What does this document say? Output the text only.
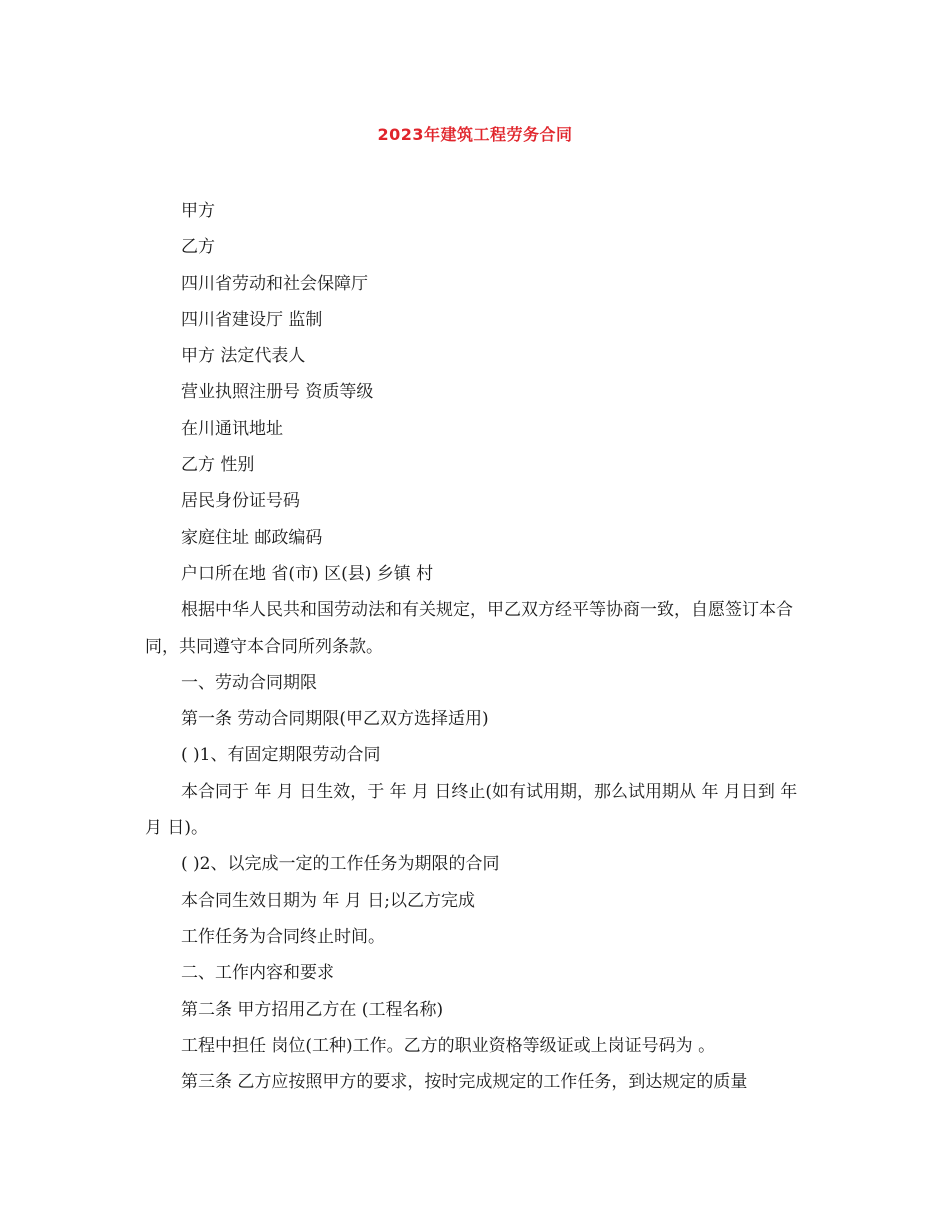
2023年建筑工程劳务合同

甲方

乙方

四川省劳动和社会保障厅

四川省建设厅 监制

甲方 法定代表人

营业执照注册号 资质等级

在川通讯地址

乙方 性别

居民身份证号码

家庭住址 邮政编码

户口所在地 省(市) 区(县) 乡镇 村

根据中华人民共和国劳动法和有关规定，甲乙双方经平等协商一致，自愿签订本合同，共同遵守本合同所列条款。

一、劳动合同期限

第一条 劳动合同期限(甲乙双方选择适用)

( )1、有固定期限劳动合同

本合同于 年 月 日生效，于 年 月 日终止(如有试用期，那么试用期从 年 月日到 年 月 日)。

( )2、以完成一定的工作任务为期限的合同

本合同生效日期为 年 月 日;以乙方完成

工作任务为合同终止时间。

二、工作内容和要求

第二条 甲方招用乙方在 (工程名称)

工程中担任 岗位(工种)工作。乙方的职业资格等级证或上岗证号码为 。

第三条 乙方应按照甲方的要求，按时完成规定的工作任务，到达规定的质量
